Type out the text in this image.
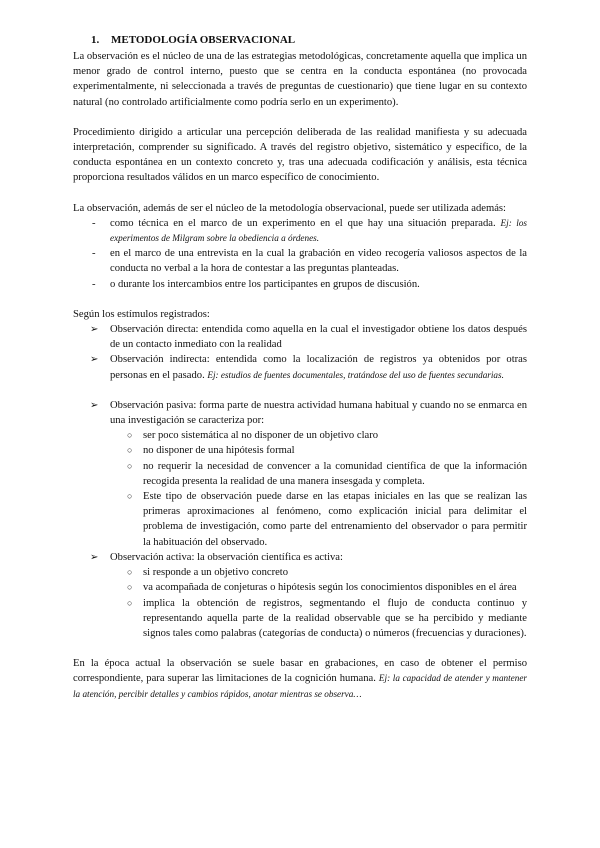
1. METODOLOGÍA OBSERVACIONAL

La observación es el núcleo de una de las estrategias metodológicas, concretamente aquella que implica un menor grado de control interno, puesto que se centra en la conducta espontánea (no provocada experimentalmente, ni seleccionada a través de preguntas de cuestionario) que tiene lugar en su contexto natural (no controlado artificialmente como podría serlo en un experimento).

Procedimiento dirigido a articular una percepción deliberada de las realidad manifiesta y su adecuada interpretación, comprender su significado. A través del registro objetivo, sistemático y específico, de la conducta espontánea en un contexto concreto y, tras una adecuada codificación y análisis, esta técnica proporciona resultados válidos en un marco específico de conocimiento.

La observación, además de ser el núcleo de la metodología observacional, puede ser utilizada además:

- como técnica en el marco de un experimento en el que hay una situación preparada. Ej: los experimentos de Milgram sobre la obediencia a órdenes.
- en el marco de una entrevista en la cual la grabación en video recogería valiosos aspectos de la conducta no verbal a la hora de contestar a las preguntas planteadas.
- o durante los intercambios entre los participantes en grupos de discusión.

Según los estímulos registrados:

➢ Observación directa: entendida como aquella en la cual el investigador obtiene los datos después de un contacto inmediato con la realidad
➢ Observación indirecta: entendida como la localización de registros ya obtenidos por otras personas en el pasado. Ej: estudios de fuentes documentales, tratándose del uso de fuentes secundarias.
➢ Observación pasiva: forma parte de nuestra actividad humana habitual y cuando no se enmarca en una investigación se caracteriza por:
○ ser poco sistemática al no disponer de un objetivo claro
○ no disponer de una hipótesis formal
○ no requerir la necesidad de convencer a la comunidad científica de que la información recogida presenta la realidad de una manera insesgada y completa.
○ Este tipo de observación puede darse en las etapas iniciales en las que se realizan las primeras aproximaciones al fenómeno, como explicación inicial para delimitar el problema de investigación, como parte del entrenamiento del observador o para permitir la habituación del observado.
➢ Observación activa: la observación científica es activa:
○ si responde a un objetivo concreto
○ va acompañada de conjeturas o hipótesis según los conocimientos disponibles en el área
○ implica la obtención de registros, segmentando el flujo de conducta continuo y representando aquella parte de la realidad observable que se ha percibido y mediante signos tales como palabras (categorías de conducta) o números (frecuencias y duraciones).

En la época actual la observación se suele basar en grabaciones, en caso de obtener el permiso correspondiente, para superar las limitaciones de la cognición humana. Ej: la capacidad de atender y mantener la atención, percibir detalles y cambios rápidos, anotar mientras se observa…
